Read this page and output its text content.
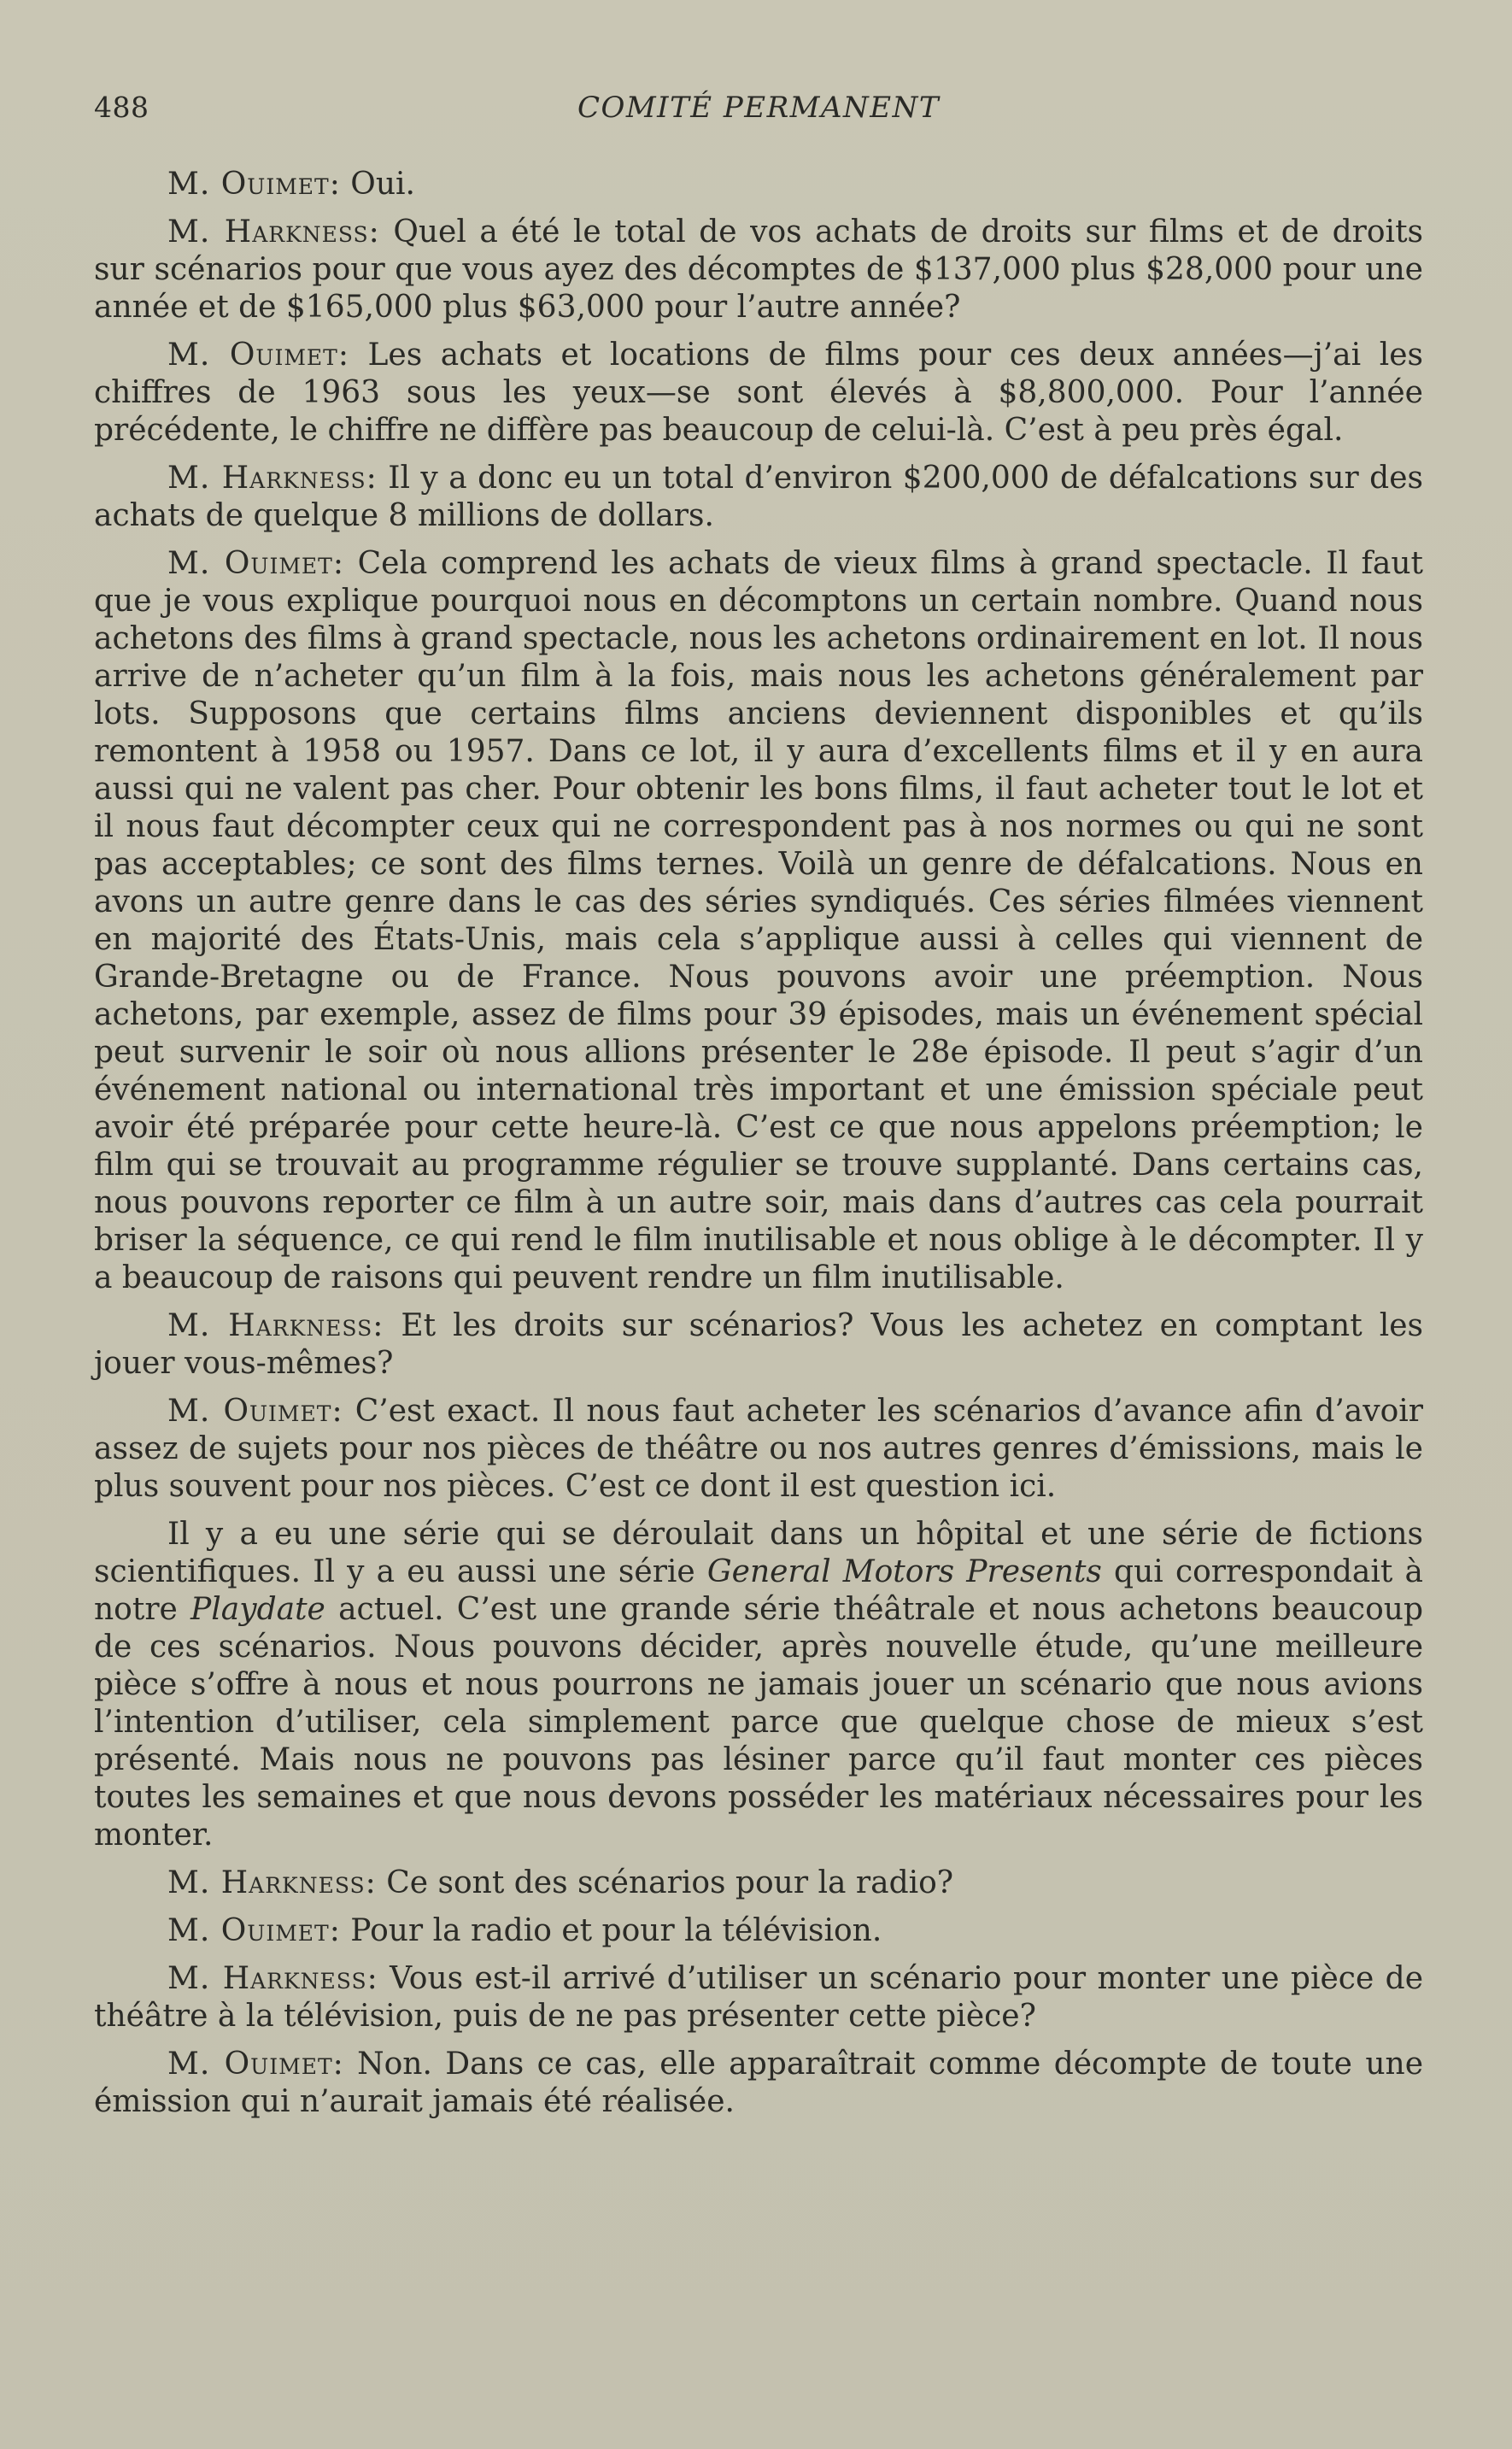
488	COMITÉ PERMANENT

M. Ouimet: Oui.

M. Harkness: Quel a été le total de vos achats de droits sur films et de droits sur scénarios pour que vous ayez des décomptes de $137,000 plus $28,000 pour une année et de $165,000 plus $63,000 pour l’autre année?

M. Ouimet: Les achats et locations de films pour ces deux années—j’ai les chiffres de 1963 sous les yeux—se sont élevés à $8,800,000. Pour l’année précédente, le chiffre ne diffère pas beaucoup de celui-là. C’est à peu près égal.

M. Harkness: Il y a donc eu un total d’environ $200,000 de défalcations sur des achats de quelque 8 millions de dollars.

M. Ouimet: Cela comprend les achats de vieux films à grand spectacle. Il faut que je vous explique pourquoi nous en décomptons un certain nombre. Quand nous achetons des films à grand spectacle, nous les achetons ordinairement en lot. Il nous arrive de n’acheter qu’un film à la fois, mais nous les achetons généralement par lots. Supposons que certains films anciens deviennent disponibles et qu’ils remontent à 1958 ou 1957. Dans ce lot, il y aura d’excellents films et il y en aura aussi qui ne valent pas cher. Pour obtenir les bons films, il faut acheter tout le lot et il nous faut décompter ceux qui ne correspondent pas à nos normes ou qui ne sont pas acceptables; ce sont des films ternes. Voilà un genre de défalcations. Nous en avons un autre genre dans le cas des séries syndiqués. Ces séries filmées viennent en majorité des États-Unis, mais cela s’applique aussi à celles qui viennent de Grande-Bretagne ou de France. Nous pouvons avoir une préemption. Nous achetons, par exemple, assez de films pour 39 épisodes, mais un événement spécial peut survenir le soir où nous allions présenter le 28e épisode. Il peut s’agir d’un événement national ou international très important et une émission spéciale peut avoir été préparée pour cette heure-là. C’est ce que nous appelons préemption; le film qui se trouvait au programme régulier se trouve supplanté. Dans certains cas, nous pouvons reporter ce film à un autre soir, mais dans d’autres cas cela pourrait briser la séquence, ce qui rend le film inutilisable et nous oblige à le décompter. Il y a beaucoup de raisons qui peuvent rendre un film inutilisable.

M. Harkness: Et les droits sur scénarios? Vous les achetez en comptant les jouer vous-mêmes?

M. Ouimet: C’est exact. Il nous faut acheter les scénarios d’avance afin d’avoir assez de sujets pour nos pièces de théâtre ou nos autres genres d’émissions, mais le plus souvent pour nos pièces. C’est ce dont il est question ici.

Il y a eu une série qui se déroulait dans un hôpital et une série de fictions scientifiques. Il y a eu aussi une série General Motors Presents qui correspondait à notre Playdate actuel. C’est une grande série théâtrale et nous achetons beaucoup de ces scénarios. Nous pouvons décider, après nouvelle étude, qu’une meilleure pièce s’offre à nous et nous pourrons ne jamais jouer un scénario que nous avions l’intention d’utiliser, cela simplement parce que quelque chose de mieux s’est présenté. Mais nous ne pouvons pas lésiner parce qu’il faut monter ces pièces toutes les semaines et que nous devons posséder les matériaux nécessaires pour les monter.

M. Harkness: Ce sont des scénarios pour la radio?

M. Ouimet: Pour la radio et pour la télévision.

M. Harkness: Vous est-il arrivé d’utiliser un scénario pour monter une pièce de théâtre à la télévision, puis de ne pas présenter cette pièce?

M. Ouimet: Non. Dans ce cas, elle apparaîtrait comme décompte de toute une émission qui n’aurait jamais été réalisée.
